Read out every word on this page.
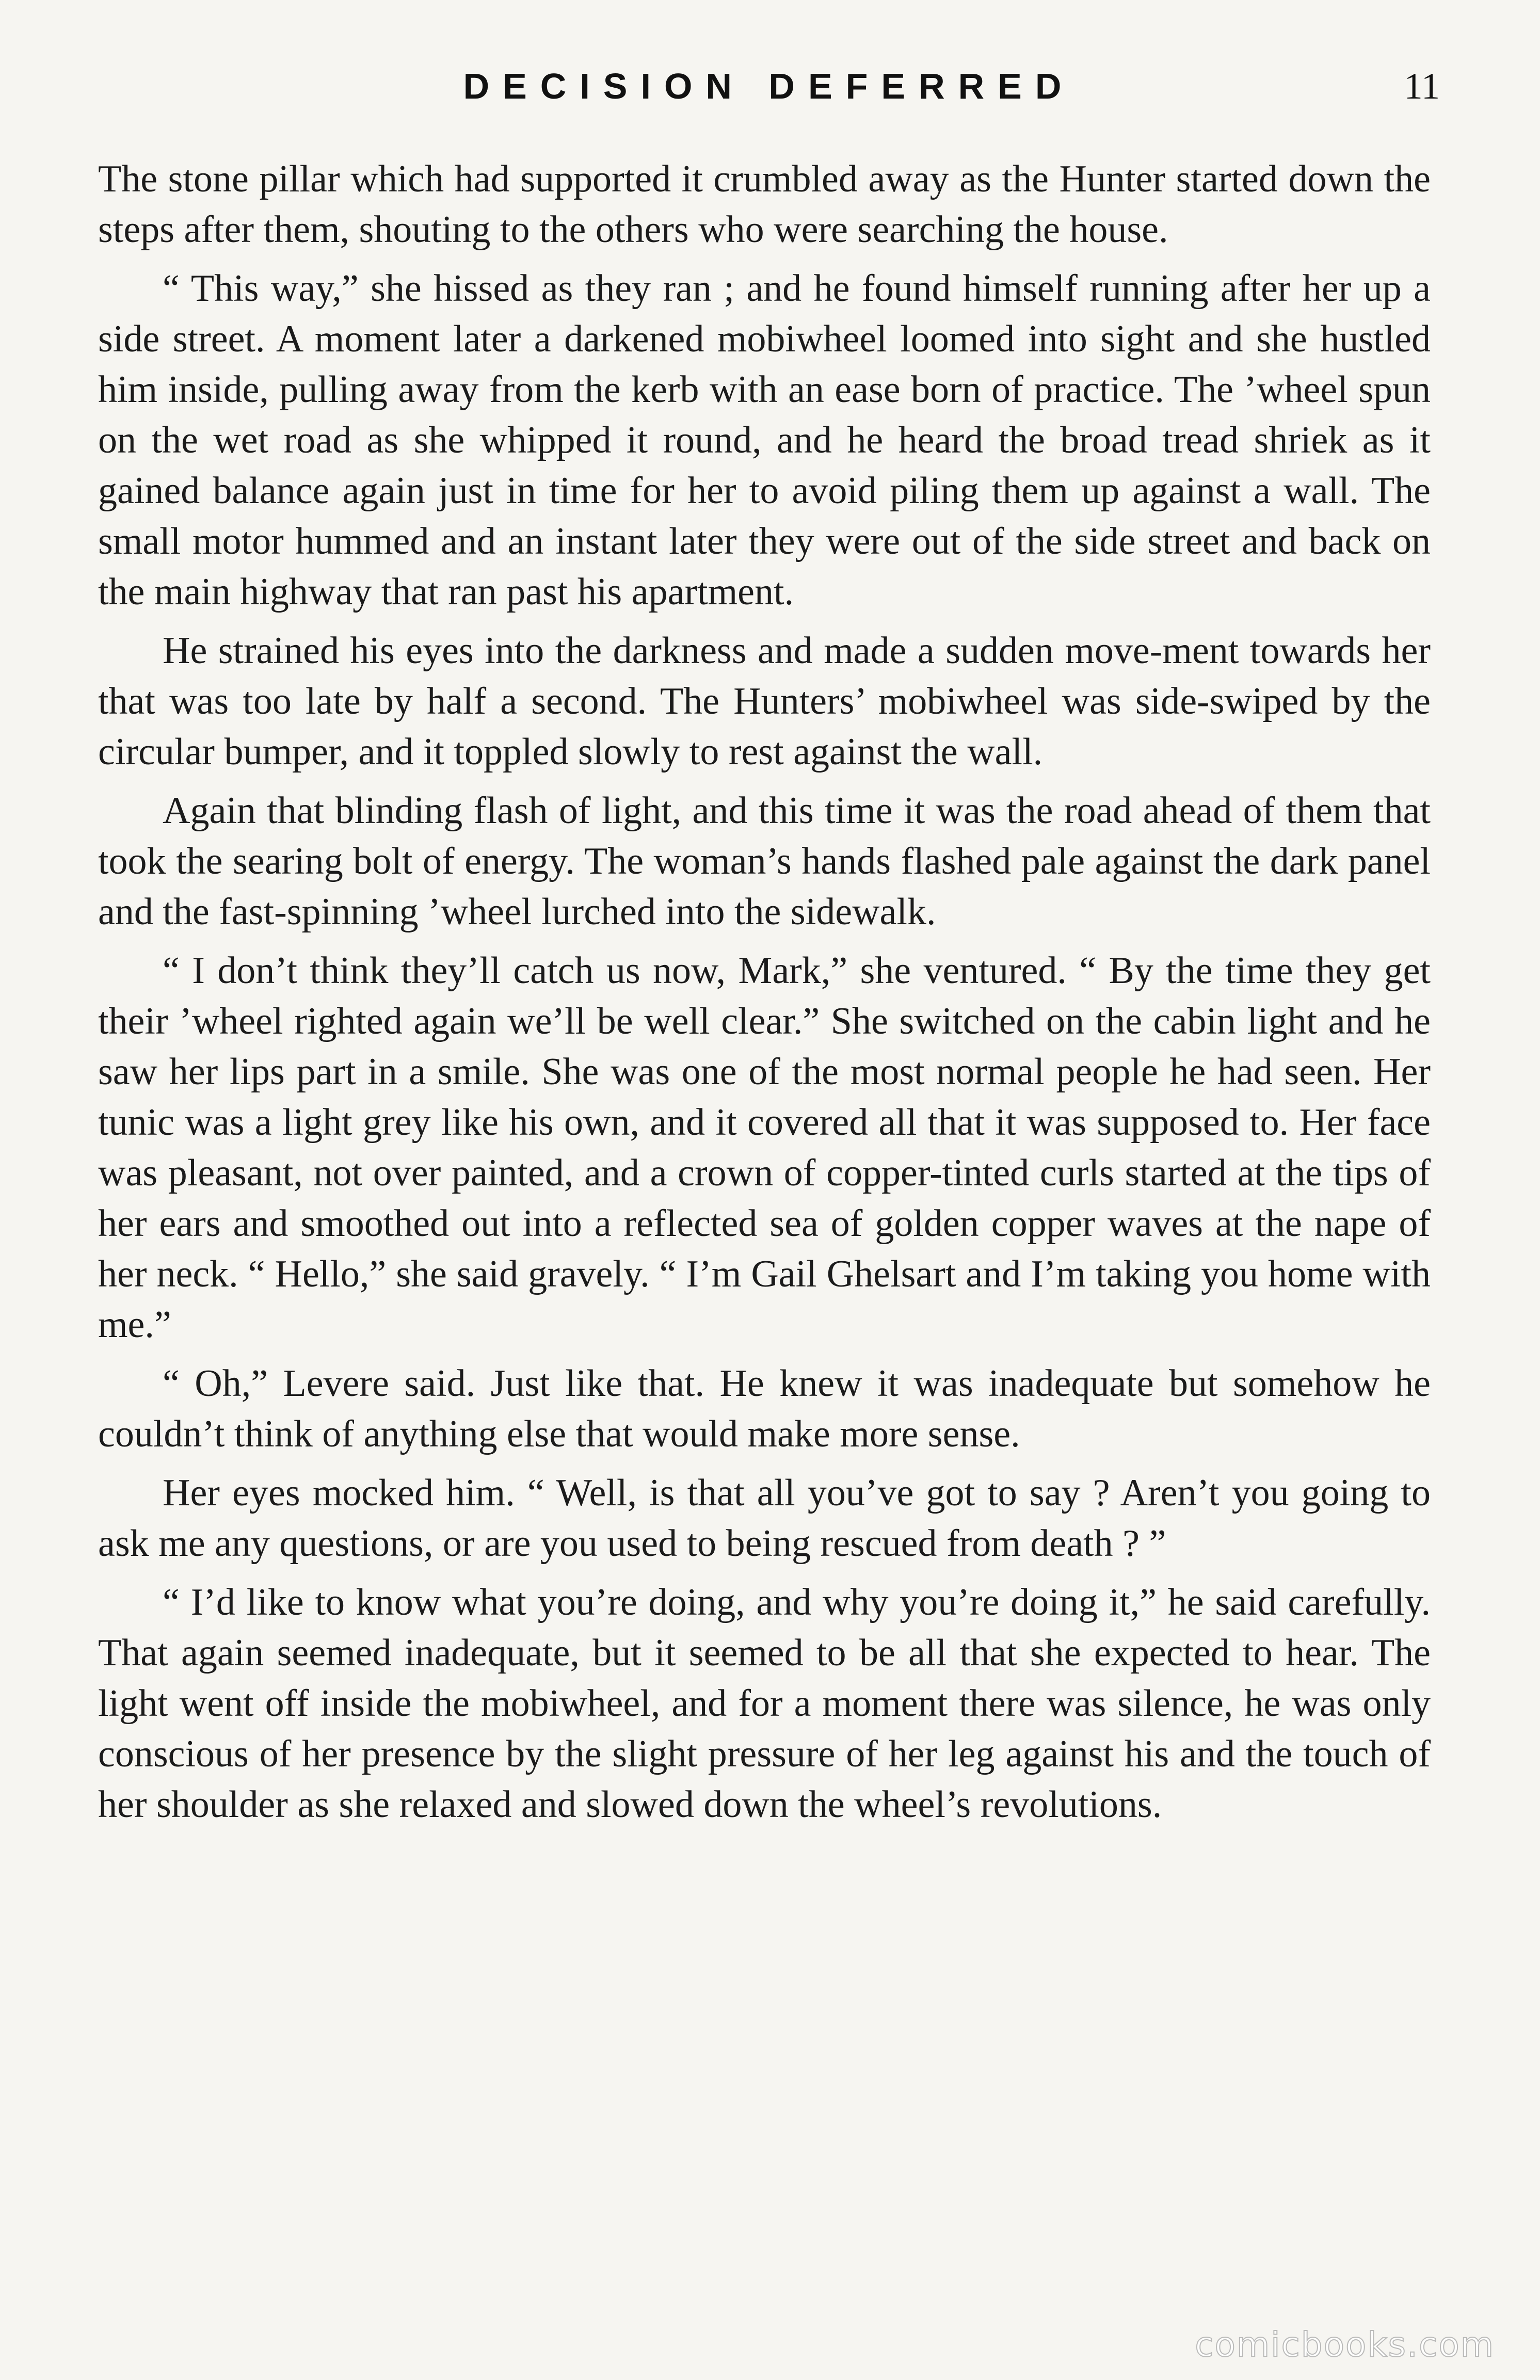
DECISION DEFERRED	11

The stone pillar which had supported it crumbled away as the Hunter started down the steps after them, shouting to the others who were searching the house.

“ This way,” she hissed as they ran ; and he found himself running after her up a side street. A moment later a darkened mobiwheel loomed into sight and she hustled him inside, pulling away from the kerb with an ease born of practice. The ’wheel spun on the wet road as she whipped it round, and he heard the broad tread shriek as it gained balance again just in time for her to avoid piling them up against a wall. The small motor hummed and an instant later they were out of the side street and back on the main highway that ran past his apartment.

He strained his eyes into the darkness and made a sudden move-ment towards her that was too late by half a second. The Hunters’ mobiwheel was side-swiped by the circular bumper, and it toppled slowly to rest against the wall.

Again that blinding flash of light, and this time it was the road ahead of them that took the searing bolt of energy. The woman’s hands flashed pale against the dark panel and the fast-spinning ’wheel lurched into the sidewalk.

“ I don’t think they’ll catch us now, Mark,” she ventured. “ By the time they get their ’wheel righted again we’ll be well clear.” She switched on the cabin light and he saw her lips part in a smile. She was one of the most normal people he had seen. Her tunic was a light grey like his own, and it covered all that it was supposed to. Her face was pleasant, not over painted, and a crown of copper-tinted curls started at the tips of her ears and smoothed out into a reflected sea of golden copper waves at the nape of her neck. “ Hello,” she said gravely. “ I’m Gail Ghelsart and I’m taking you home with me.”

“ Oh,” Levere said. Just like that. He knew it was inadequate but somehow he couldn’t think of anything else that would make more sense.

Her eyes mocked him. “ Well, is that all you’ve got to say ? Aren’t you going to ask me any questions, or are you used to being rescued from death ? ”

“ I’d like to know what you’re doing, and why you’re doing it,” he said carefully. That again seemed inadequate, but it seemed to be all that she expected to hear. The light went off inside the mobiwheel, and for a moment there was silence, he was only conscious of her presence by the slight pressure of her leg against his and the touch of her shoulder as she relaxed and slowed down the wheel’s revolutions.

comicbooks.com
